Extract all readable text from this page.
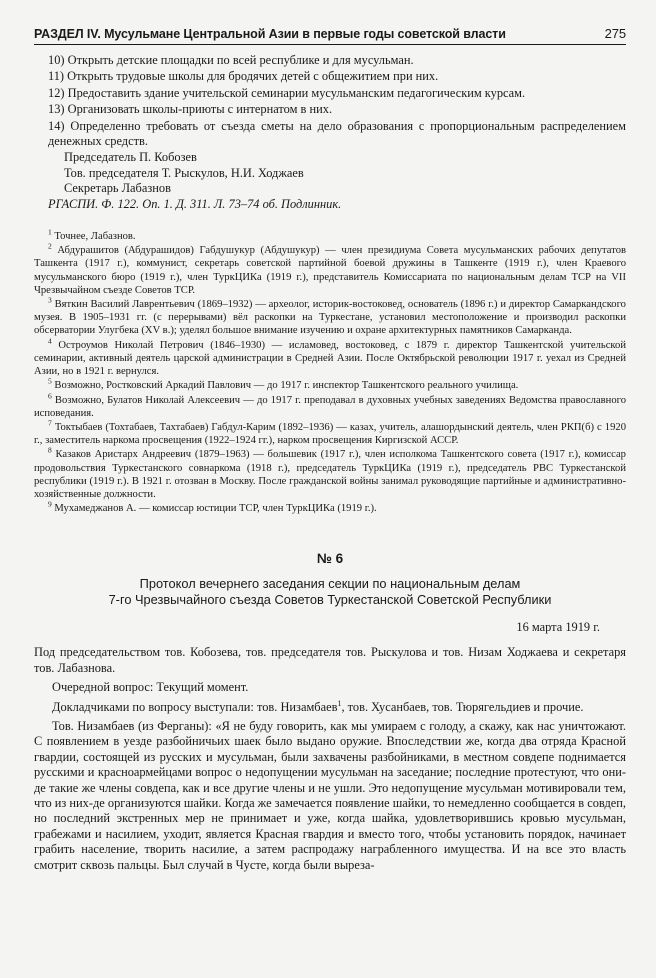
РАЗДЕЛ IV. Мусульмане Центральной Азии в первые годы советской власти	275

10) Открыть детские площадки по всей республике и для мусульман.

11) Открыть трудовые школы для бродячих детей с общежитием при них.

12) Предоставить здание учительской семинарии мусульманским педагогическим курсам.

13) Организовать школы-приюты с интернатом в них.

14) Определенно требовать от съезда сметы на дело образования с пропорциональным распределением денежных средств.

Председатель П. Кобозев
Тов. председателя Т. Рыскулов, Н.И. Ходжаев
Секретарь Лабазнов

РГАСПИ. Ф. 122. Оп. 1. Д. 311. Л. 73–74 об. Подлинник.

$^1$ Точнее, Лабазнов.

$^2$ Абдурашитов (Абдурашидов) Габдушукур (Абдушукур) — член президиума Совета мусульманских рабочих депутатов Ташкента (1917 г.), коммунист, секретарь советской партийной боевой дружины в Ташкенте (1919 г.), член Краевого мусульманского бюро (1919 г.), член ТуркЦИКа (1919 г.), представитель Комиссариата по национальным делам ТСР на VII Чрезвычайном съезде Советов ТСР.

$^3$ Вяткин Василий Лаврентьевич (1869–1932) — археолог, историк-востоковед, основатель (1896 г.) и директор Самаркандского музея. В 1905–1931 гг. (с перерывами) вёл раскопки на Туркестане, установил местоположение и производил раскопки обсерватории Улугбека (XV в.); уделял большое внимание изучению и охране архитектурных памятников Самарканда.

$^4$ Остроумов Николай Петрович (1846–1930) — исламовед, востоковед, с 1879 г. директор Ташкентской учительской семинарии, активный деятель царской администрации в Средней Азии. После Октябрьской революции 1917 г. уехал из Средней Азии, но в 1921 г. вернулся.

$^5$ Возможно, Ростковский Аркадий Павлович — до 1917 г. инспектор Ташкентского реального училища.

$^6$ Возможно, Булатов Николай Алексеевич — до 1917 г. преподавал в духовных учебных заведениях Ведомства православного исповедания.

$^7$ Токтыбаев (Тохтабаев, Тахтабаев) Габдул-Карим (1892–1936) — казах, учитель, алашордынский деятель, член РКП(б) с 1920 г., заместитель наркома просвещения (1922–1924 гг.), нарком просвещения Киргизской АССР.

$^8$ Казаков Аристарх Андреевич (1879–1963) — большевик (1917 г.), член исполкома Ташкентского совета (1917 г.), комиссар продовольствия Туркестанского совнаркома (1918 г.), председатель ТуркЦИКа (1919 г.), председатель РВС Туркестанской республики (1919 г.). В 1921 г. отозван в Москву. После гражданской войны занимал руководящие партийные и административно-хозяйственные должности.

$^9$ Мухамеджанов А. — комиссар юстиции ТСР, член ТуркЦИКа (1919 г.).

№ 6
Протокол вечернего заседания секции по национальным делам
7-го Чрезвычайного съезда Советов Туркестанской Советской Республики
16 марта 1919 г.

Под председательством тов. Кобозева, тов. председателя тов. Рыскулова и тов. Низам Ходжаева и секретаря тов. Лабазнова.

Очередной вопрос: Текущий момент.

Докладчиками по вопросу выступали: тов. Низамбаев$^1$, тов. Хусанбаев, тов. Тюрягельдиев и прочие.

Тов. Низамбаев (из Ферганы): «Я не буду говорить, как мы умираем с голоду, а скажу, как нас уничтожают. С появлением в уезде разбойничьих шаек было выдано оружие. Впоследствии же, когда два отряда Красной гвардии, состоящей из русских и мусульман, были захвачены разбойниками, в местном совдепе поднимается русскими и красноармейцами вопрос о недопущении мусульман на заседание; последние протестуют, что они-де такие же члены совдепа, как и все другие члены и не ушли. Это недопущение мусульман мотивировали тем, что из них-де организуются шайки. Когда же замечается появление шайки, то немедленно сообщается в совдеп, но последний экстренных мер не принимает и уже, когда шайка, удовлетворившись кровью мусульман, грабежами и насилием, уходит, является Красная гвардия и вместо того, чтобы установить порядок, начинает грабить население, творить насилие, а затем распродажу награбленного имущества. И на все это власть смотрит сквозь пальцы. Был случай в Чусте, когда были выреза-
